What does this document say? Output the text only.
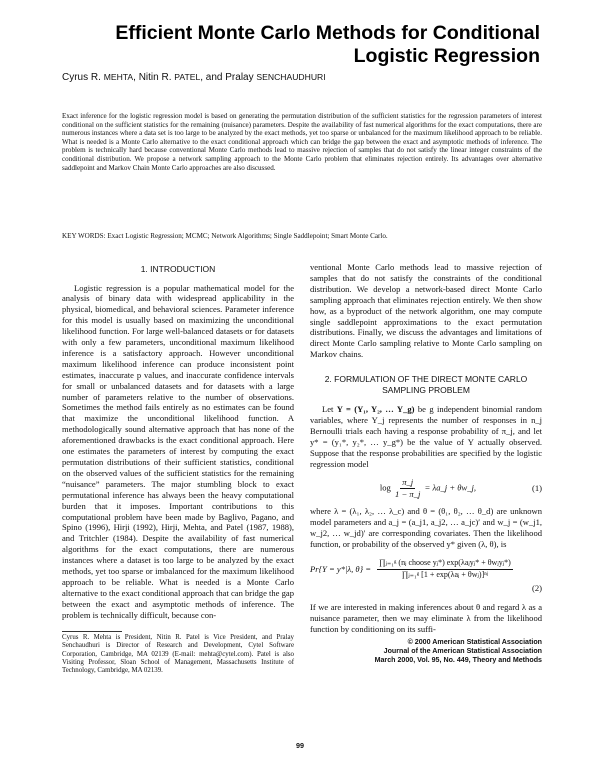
Efficient Monte Carlo Methods for Conditional Logistic Regression
Cyrus R. MEHTA, Nitin R. PATEL, and Pralay SENCHAUDHURI
Exact inference for the logistic regression model is based on generating the permutation distribution of the sufficient statistics for the regression parameters of interest conditional on the sufficient statistics for the remaining (nuisance) parameters. Despite the availability of fast numerical algorithms for the exact computations, there are numerous instances where a data set is too large to be analyzed by the exact methods, yet too sparse or unbalanced for the maximum likelihood approach to be reliable. What is needed is a Monte Carlo alternative to the exact conditional approach which can bridge the gap between the exact and asymptotic methods of inference. The problem is technically hard because conventional Monte Carlo methods lead to massive rejection of samples that do not satisfy the linear integer constraints of the conditional distribution. We propose a network sampling approach to the Monte Carlo problem that eliminates rejection entirely. Its advantages over alternative saddlepoint and Markov Chain Monte Carlo approaches are also discussed.
KEY WORDS: Exact Logistic Regression; MCMC; Network Algorithms; Single Saddlepoint; Smart Monte Carlo.
1. INTRODUCTION

Logistic regression is a popular mathematical model for the analysis of binary data with widespread applicability in the physical, biomedical, and behavioral sciences. Parameter inference for this model is usually based on maximizing the unconditional likelihood function. For large well-balanced datasets or for datasets with only a few parameters, unconditional maximum likelihood inference is a satisfactory approach. However unconditional maximum likelihood inference can produce inconsistent point estimates, inaccurate p values, and inaccurate confidence intervals for small or unbalanced datasets and for datasets with a large number of parameters relative to the number of observations. Sometimes the method fails entirely as no estimates can be found that maximize the unconditional likelihood function. A methodologically sound alternative approach that has none of the aforementioned drawbacks is the exact conditional approach. Here one estimates the parameters of interest by computing the exact permutation distributions of their sufficient statistics, conditional on the observed values of the sufficient statistics for the remaining “nuisance” parameters. The major stumbling block to exact permutational inference has always been the heavy computational burden that it imposes. Important contributions to this computational problem have been made by Baglivo, Pagano, and Spino (1996), Hirji (1992), Hirji, Mehta, and Patel (1987, 1988), and Tritchler (1984). Despite the availability of fast numerical algorithms for the exact computations, there are numerous instances where a dataset is too large to be analyzed by the exact methods, yet too sparse or imbalanced for the maximum likelihood approach to be reliable. What is needed is a Monte Carlo alternative to the exact conditional approach that can bridge the gap between the exact and asymptotic methods of inference. The problem is technically difficult, because con-

ventional Monte Carlo methods lead to massive rejection of samples that do not satisfy the constraints of the conditional distribution. We develop a network-based direct Monte Carlo sampling approach that eliminates rejection entirely. We then show how, as a byproduct of the network algorithm, one may compute single saddlepoint approximations to the exact permutation distributions. Finally, we discuss the advantages and limitations of direct Monte Carlo sampling relative to Monte Carlo sampling on Markov chains.

2. FORMULATION OF THE DIRECT MONTE CARLO
SAMPLING PROBLEM

Let Y = (Y₁, Y₂, … Y_g) be g independent binomial random variables, where Y_j represents the number of responses in n_j Bernoulli trials each having a response probability of π_j, and let y* = (y₁*, y₂*, … y_g*) be the value of Y actually observed. Suppose that the response probabilities are specified by the logistic regression model

$\log \frac{\pi\_j}{1 - \pi\_j}$ = λa_j + θw_j,	(1)

where λ = (λ₁, λ₂, … λ_c) and θ = (θ₁, θ₂, … θ_d) are unknown model parameters and a_j = (a_j1, a_j2, … a_jc)′ and w_j = (w_j1, w_j2, … w_jd)′ are corresponding covariates. Then the likelihood function, or probability of the observed y* given (λ, θ), is

Pr{Y = y*|λ, $\theta\} = \frac{\text{∏ⱼ₌₁ᵍ (nⱼ choose yⱼ*) exp(λaⱼyⱼ* + θwⱼyⱼ*)}}{\text{∏ⱼ₌₁ᵍ [1 + exp(λaⱼ + θwⱼ)]ⁿʲ}}$
(2)

If we are interested in making inferences about θ and regard λ as a nuisance parameter, then we may eliminate λ from the likelihood function by conditioning on its suffi-

Cyrus R. Mehta is President, Nitin R. Patel is Vice President, and Pralay Senchaudhuri is Director of Research and Development, Cytel Software Corporation, Cambridge, MA 02139 (E-mail: mehta@cytel.com). Patel is also Visiting Professor, Sloan School of Management, Massachusetts Institute of Technology, Cambridge, MA 02139.
© 2000 American Statistical Association
Journal of the American Statistical Association
March 2000, Vol. 95, No. 449, Theory and Methods
99
